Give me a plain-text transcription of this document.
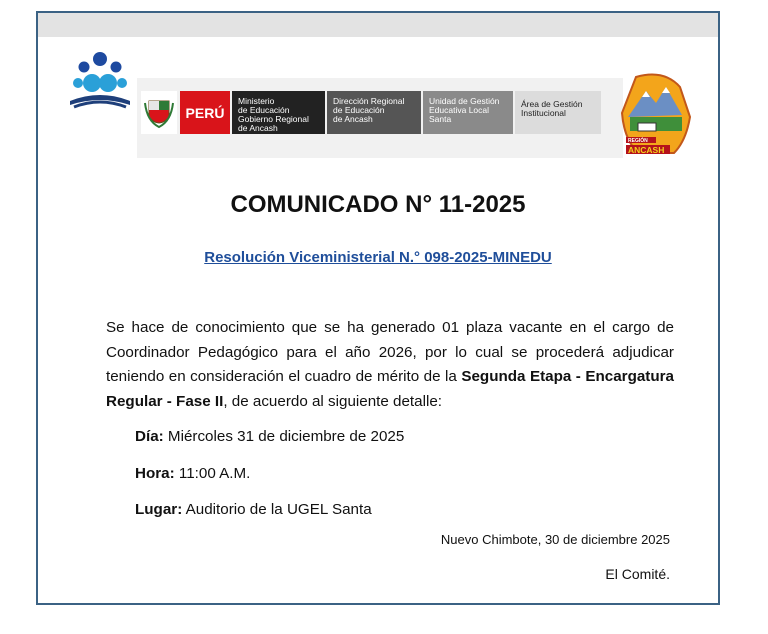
PERÚ
Ministerio
de Educación
Gobierno Regional
de Ancash
Dirección Regional
de Educación
de Ancash
Unidad de Gestión
Educativa Local
Santa
Área de Gestión
Institucional
REGIÓN
ANCASH
COMUNICADO N° 11-2025
Resolución Viceministerial N.° 098-2025-MINEDU
Se hace de conocimiento que se ha generado 01 plaza vacante en el cargo de Coordinador Pedagógico para el año 2026, por lo cual se procederá adjudicar teniendo en consideración el cuadro de mérito de la Segunda Etapa - Encargatura Regular - Fase II, de acuerdo al siguiente detalle:
Día: Miércoles 31 de diciembre de 2025
Hora: 11:00 A.M.
Lugar: Auditorio de la UGEL Santa
Nuevo Chimbote, 30 de diciembre 2025
El Comité.
